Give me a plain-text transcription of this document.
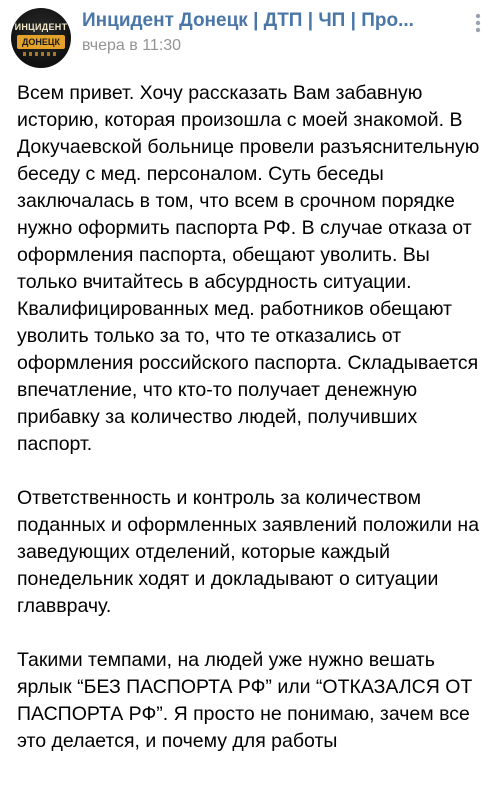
ИНЦИДЕНТ
ДОНЕЦК
Инцидент Донецк | ДТП | ЧП | Про...
вчера в 11:30

Всем привет. Хочу рассказать Вам забавную историю, которая произошла с моей знакомой. В Докучаевской больнице провели разъяснительную беседу с мед. персоналом. Суть беседы заключалась в том, что всем в срочном порядке нужно оформить паспорта РФ. В случае отказа от оформления паспорта, обещают уволить. Вы только вчитайтесь в абсурдность ситуации. Квалифицированных мед. работников обещают уволить только за то, что те отказались от оформления российского паспорта. Складывается впечатление, что кто-то получает денежную прибавку за количество людей, получивших паспорт.

Ответственность и контроль за количеством поданных и оформленных заявлений положили на заведующих отделений, которые каждый понедельник ходят и докладывают о ситуации главврачу.

Такими темпами, на людей уже нужно вешать ярлык “БЕЗ ПАСПОРТА РФ” или “ОТКАЗАЛСЯ ОТ ПАСПОРТА РФ”. Я просто не понимаю, зачем все это делается, и почему для работы
